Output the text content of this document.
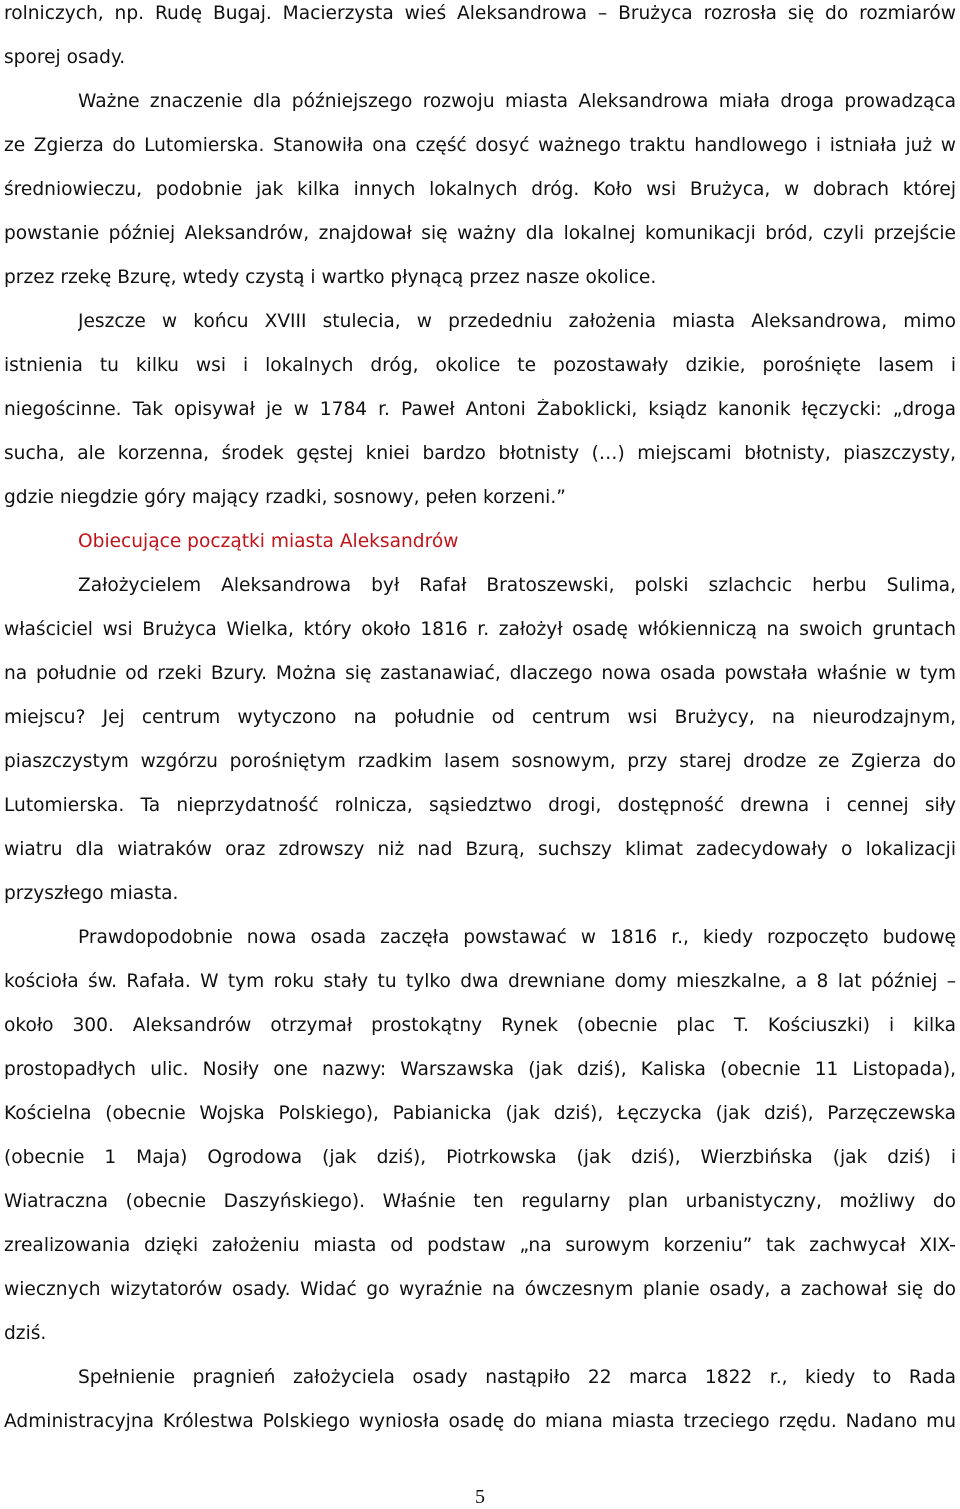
rolniczych, np. Rudę Bugaj. Macierzysta wieś Aleksandrowa – Brużyca rozrosła się do rozmiarów
sporej osady.
Ważne znaczenie dla późniejszego rozwoju miasta Aleksandrowa miała droga prowadząca
ze Zgierza do Lutomierska. Stanowiła ona część dosyć ważnego traktu handlowego i istniała już w
średniowieczu, podobnie jak kilka innych lokalnych dróg. Koło wsi Brużyca, w dobrach której
powstanie później Aleksandrów, znajdował się ważny dla lokalnej komunikacji bród, czyli przejście
przez rzekę Bzurę, wtedy czystą i wartko płynącą przez nasze okolice.
Jeszcze w końcu XVIII stulecia, w przededniu założenia miasta Aleksandrowa, mimo
istnienia tu kilku wsi i lokalnych dróg, okolice te pozostawały dzikie, porośnięte lasem i
niegościnne. Tak opisywał je w 1784 r. Paweł Antoni Żaboklicki, ksiądz kanonik łęczycki: „droga
sucha, ale korzenna, środek gęstej kniei bardzo błotnisty (…) miejscami błotnisty, piaszczysty,
gdzie niegdzie góry mający rzadki, sosnowy, pełen korzeni.”
Obiecujące początki miasta Aleksandrów
Założycielem Aleksandrowa był Rafał Bratoszewski, polski szlachcic herbu Sulima,
właściciel wsi Brużyca Wielka, który około 1816 r. założył osadę włókienniczą na swoich gruntach
na południe od rzeki Bzury. Można się zastanawiać, dlaczego nowa osada powstała właśnie w tym
miejscu? Jej centrum wytyczono na południe od centrum wsi Brużycy, na nieurodzajnym,
piaszczystym wzgórzu porośniętym rzadkim lasem sosnowym, przy starej drodze ze Zgierza do
Lutomierska. Ta nieprzydatność rolnicza, sąsiedztwo drogi, dostępność drewna i cennej siły
wiatru dla wiatraków oraz zdrowszy niż nad Bzurą, suchszy klimat zadecydowały o lokalizacji
przyszłego miasta.
Prawdopodobnie nowa osada zaczęła powstawać w 1816 r., kiedy rozpoczęto budowę
kościoła św. Rafała. W tym roku stały tu tylko dwa drewniane domy mieszkalne, a 8 lat później –
około 300. Aleksandrów otrzymał prostokątny Rynek (obecnie plac T. Kościuszki) i kilka
prostopadłych ulic. Nosiły one nazwy: Warszawska (jak dziś), Kaliska (obecnie 11 Listopada),
Kościelna (obecnie Wojska Polskiego), Pabianicka (jak dziś), Łęczycka (jak dziś), Parzęczewska
(obecnie 1 Maja) Ogrodowa (jak dziś), Piotrkowska (jak dziś), Wierzbińska (jak dziś) i
Wiatraczna (obecnie Daszyńskiego). Właśnie ten regularny plan urbanistyczny, możliwy do
zrealizowania dzięki założeniu miasta od podstaw „na surowym korzeniu” tak zachwycał XIX-
wiecznych wizytatorów osady. Widać go wyraźnie na ówczesnym planie osady, a zachował się do
dziś.
Spełnienie pragnień założyciela osady nastąpiło 22 marca 1822 r., kiedy to Rada
Administracyjna Królestwa Polskiego wyniosła osadę do miana miasta trzeciego rzędu. Nadano mu
5
